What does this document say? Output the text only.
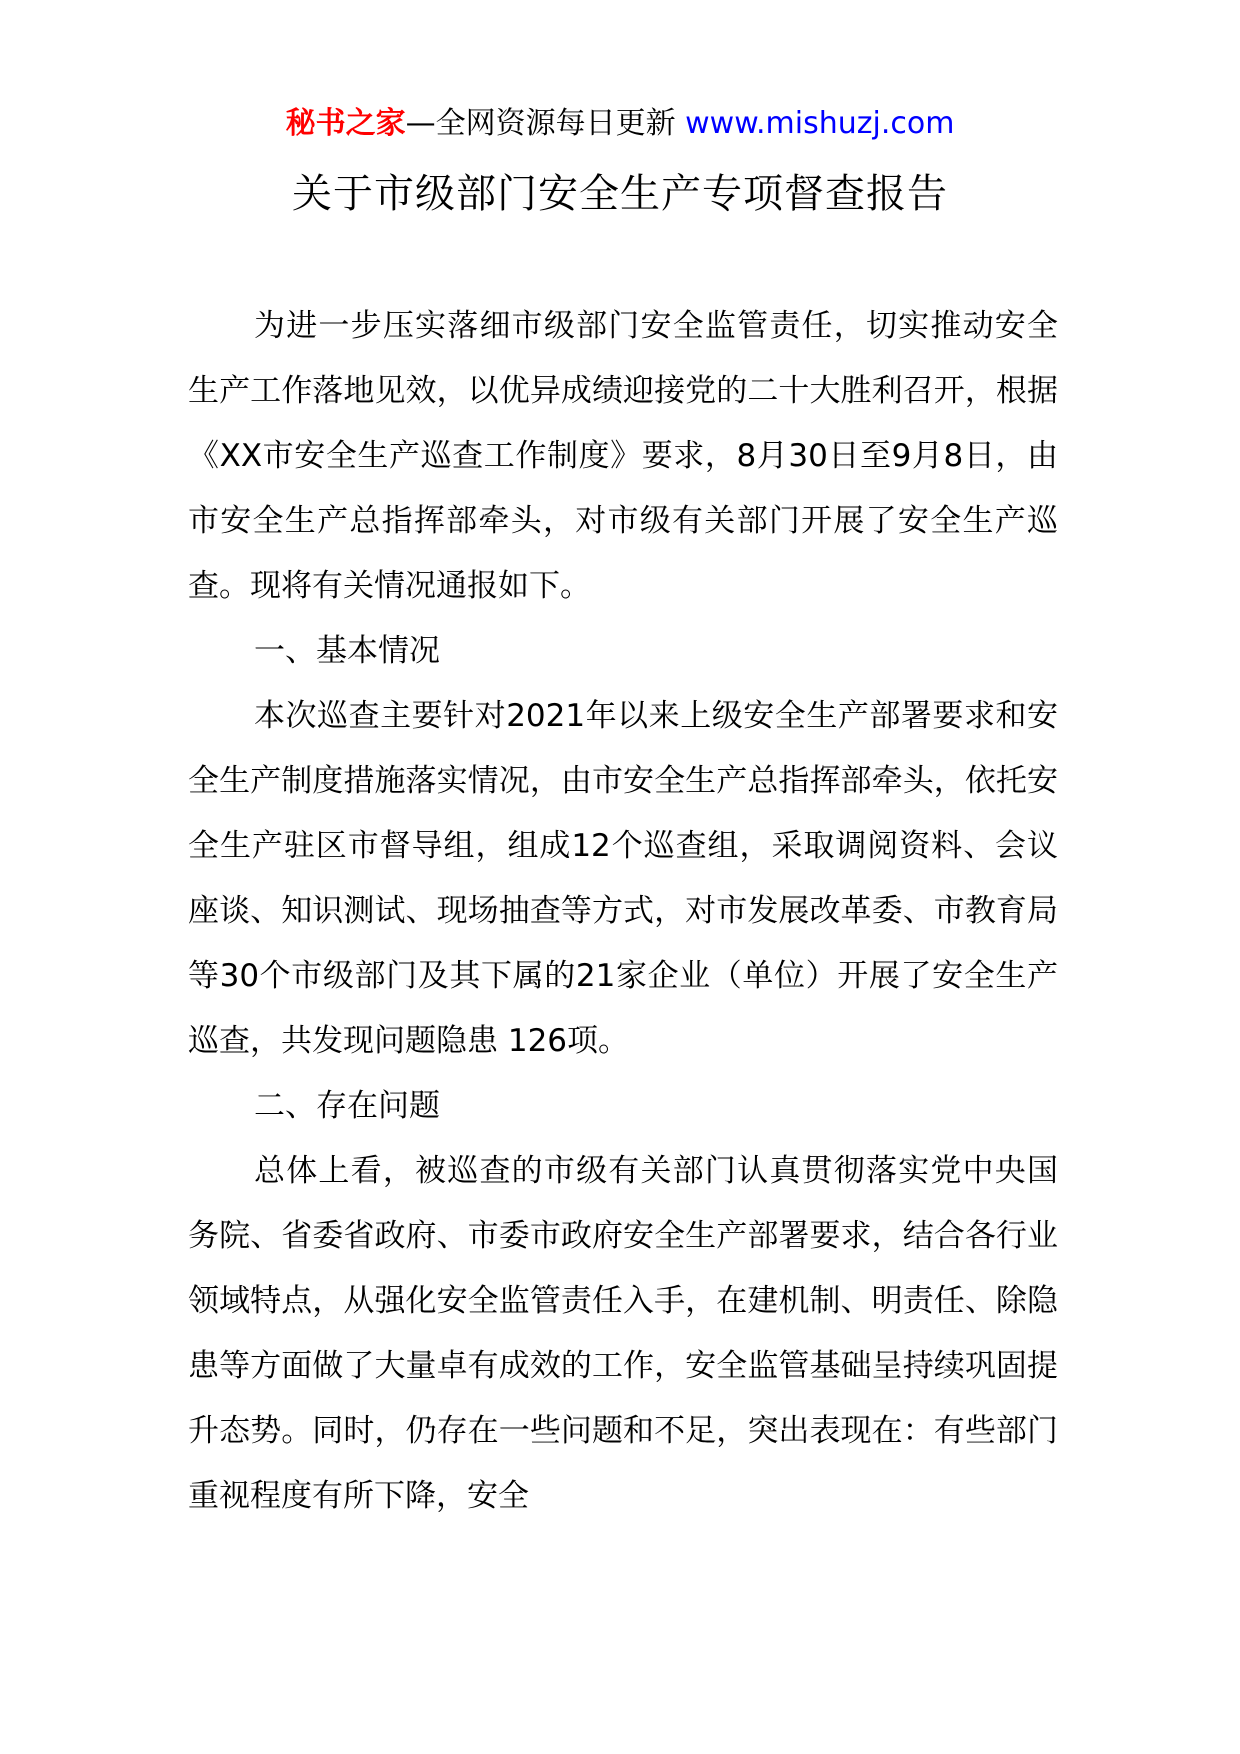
秘书之家—全网资源每日更新 www.mishuzj.com
关于市级部门安全生产专项督查报告

为进一步压实落细市级部门安全监管责任，切实推动安全生产工作落地见效，以优异成绩迎接党的二十大胜利召开，根据《XX市安全生产巡查工作制度》要求，8月30日至9月8日，由市安全生产总指挥部牵头，对市级有关部门开展了安全生产巡查。现将有关情况通报如下。

一、基本情况

本次巡查主要针对2021年以来上级安全生产部署要求和安全生产制度措施落实情况，由市安全生产总指挥部牵头，依托安全生产驻区市督导组，组成12个巡查组，采取调阅资料、会议座谈、知识测试、现场抽查等方式，对市发展改革委、市教育局等30个市级部门及其下属的21家企业（单位）开展了安全生产巡查，共发现问题隐患 126项。

二、存在问题

总体上看，被巡查的市级有关部门认真贯彻落实党中央国务院、省委省政府、市委市政府安全生产部署要求，结合各行业领域特点，从强化安全监管责任入手，在建机制、明责任、除隐患等方面做了大量卓有成效的工作，安全监管基础呈持续巩固提升态势。同时，仍存在一些问题和不足，突出表现在：有些部门重视程度有所下降，安全
